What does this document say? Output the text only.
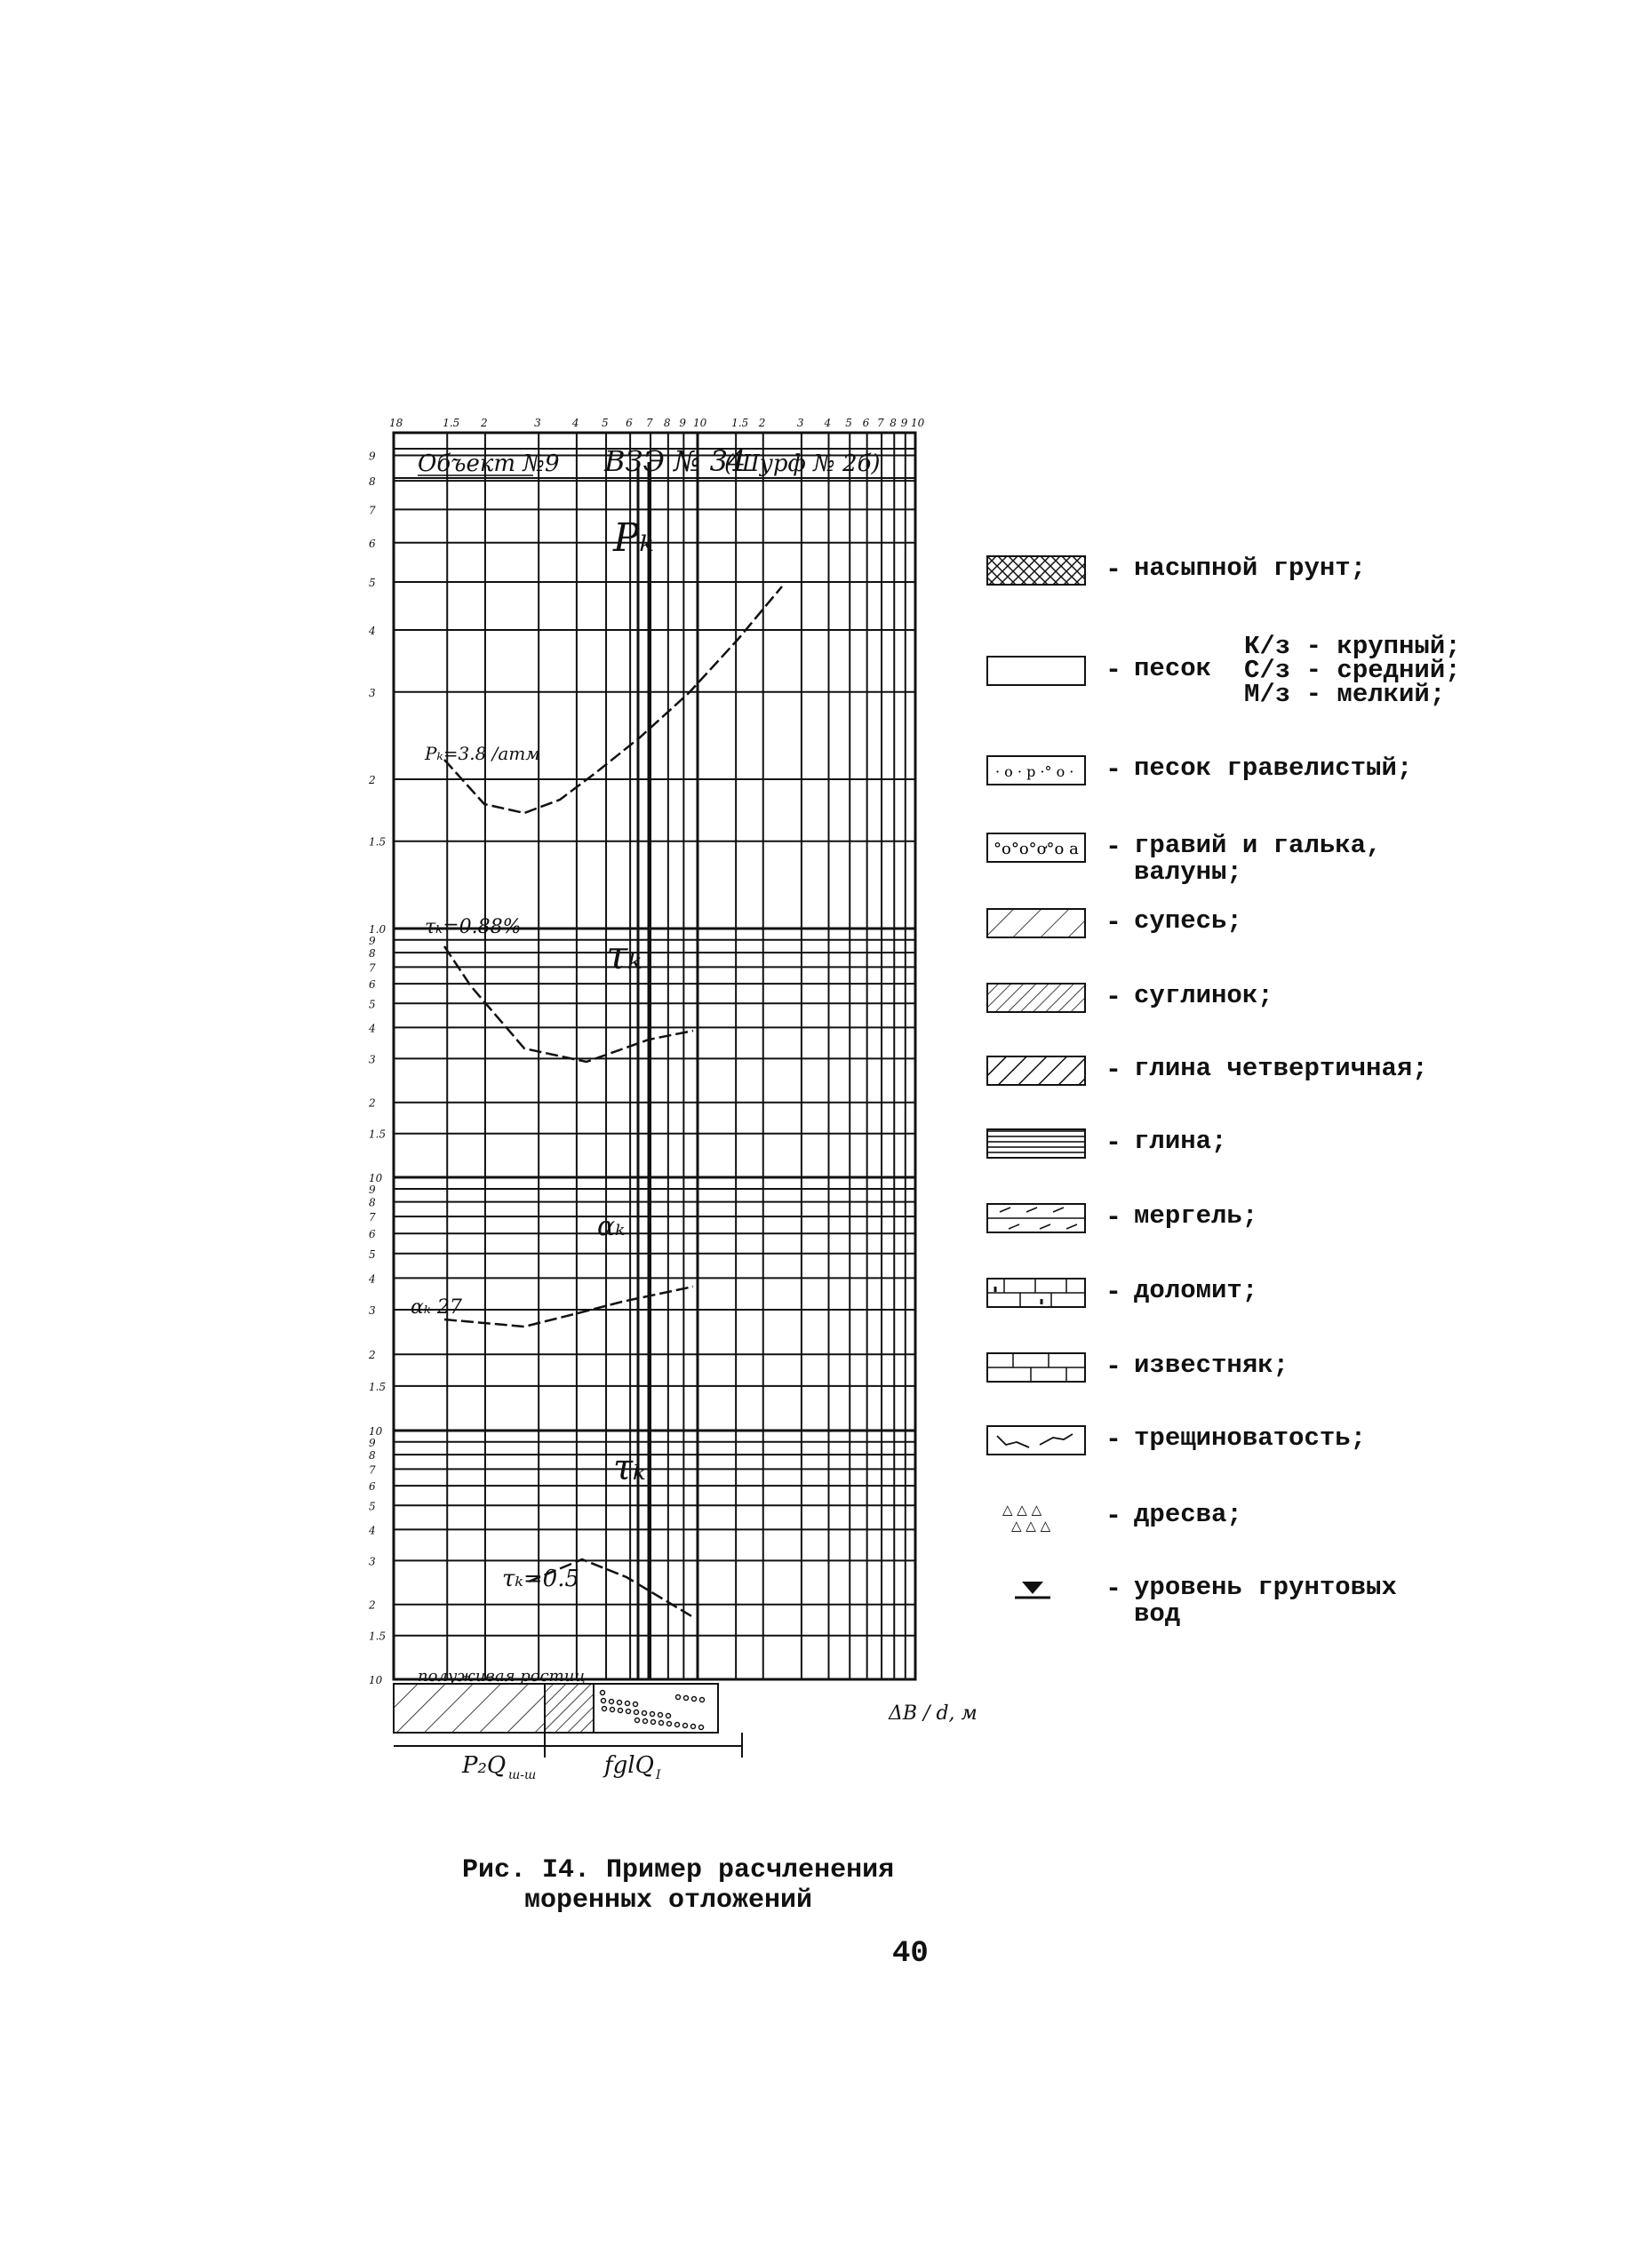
18	1.5 2	3	4 5 6 7 8 9 10 1.5 2	3 4 5 6 7 8 9 10
9
8
7
6
5
4
3
2
1.5
1.0
9
8
7
6
5
4
3
2
1.5
10
9
8
7
6
5
4
3
2
1.5
10
9
8
7
6
5
4
3
2
1.5
10
Объект №9 ВЗЭ № 34
(Шурф № 2б)
Pₖ
Pₖ=3.8 /атм
τₖ
τₖ=0.88%
αₖ
αₖ 27
τₖ
τₖ=0.5
полуживая ростиц
P₂Q ш-ш	fglQ I
ΔВ / d, м
- насыпной грунт;
- песок
· o · p ·° o · - песок гравелистый;
°o°o°ơ°o a - гравий и галька,
валуны;
- супесь;
- суглинок;
- глина четвертичная;
- глина;
- мергель;
- доломит;
- известняк;
- трещиноватость;
△ △ △
△ △ △ - дресва;
- уровень грунтовых
вод
К/з - крупный;
С/з - средний;
М/з - мелкий;
Рис. I4. Пример расчленения
моренных отложений
40
